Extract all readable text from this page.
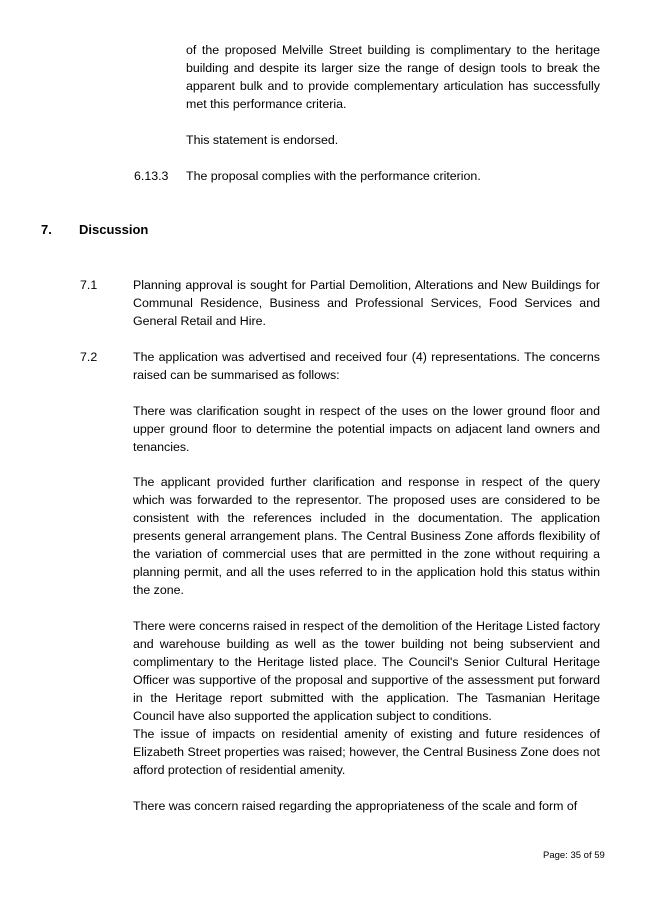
of the proposed Melville Street building is complimentary to the heritage building and despite its larger size the range of design tools to break the apparent bulk and to provide complementary articulation has successfully met this performance criteria.

This statement is endorsed.

6.13.3 The proposal complies with the performance criterion.

7. Discussion

7.1	Planning approval is sought for Partial Demolition, Alterations and New Buildings for Communal Residence, Business and Professional Services, Food Services and General Retail and Hire.

7.2	The application was advertised and received four (4) representations. The concerns raised can be summarised as follows:

There was clarification sought in respect of the uses on the lower ground floor and upper ground floor to determine the potential impacts on adjacent land owners and tenancies.

The applicant provided further clarification and response in respect of the query which was forwarded to the representor. The proposed uses are considered to be consistent with the references included in the documentation. The application presents general arrangement plans. The Central Business Zone affords flexibility of the variation of commercial uses that are permitted in the zone without requiring a planning permit, and all the uses referred to in the application hold this status within the zone.

There were concerns raised in respect of the demolition of the Heritage Listed factory and warehouse building as well as the tower building not being subservient and complimentary to the Heritage listed place. The Council's Senior Cultural Heritage Officer was supportive of the proposal and supportive of the assessment put forward in the Heritage report submitted with the application. The Tasmanian Heritage Council have also supported the application subject to conditions.

The issue of impacts on residential amenity of existing and future residences of Elizabeth Street properties was raised; however, the Central Business Zone does not afford protection of residential amenity.

There was concern raised regarding the appropriateness of the scale and form of

Page: 35 of 59
